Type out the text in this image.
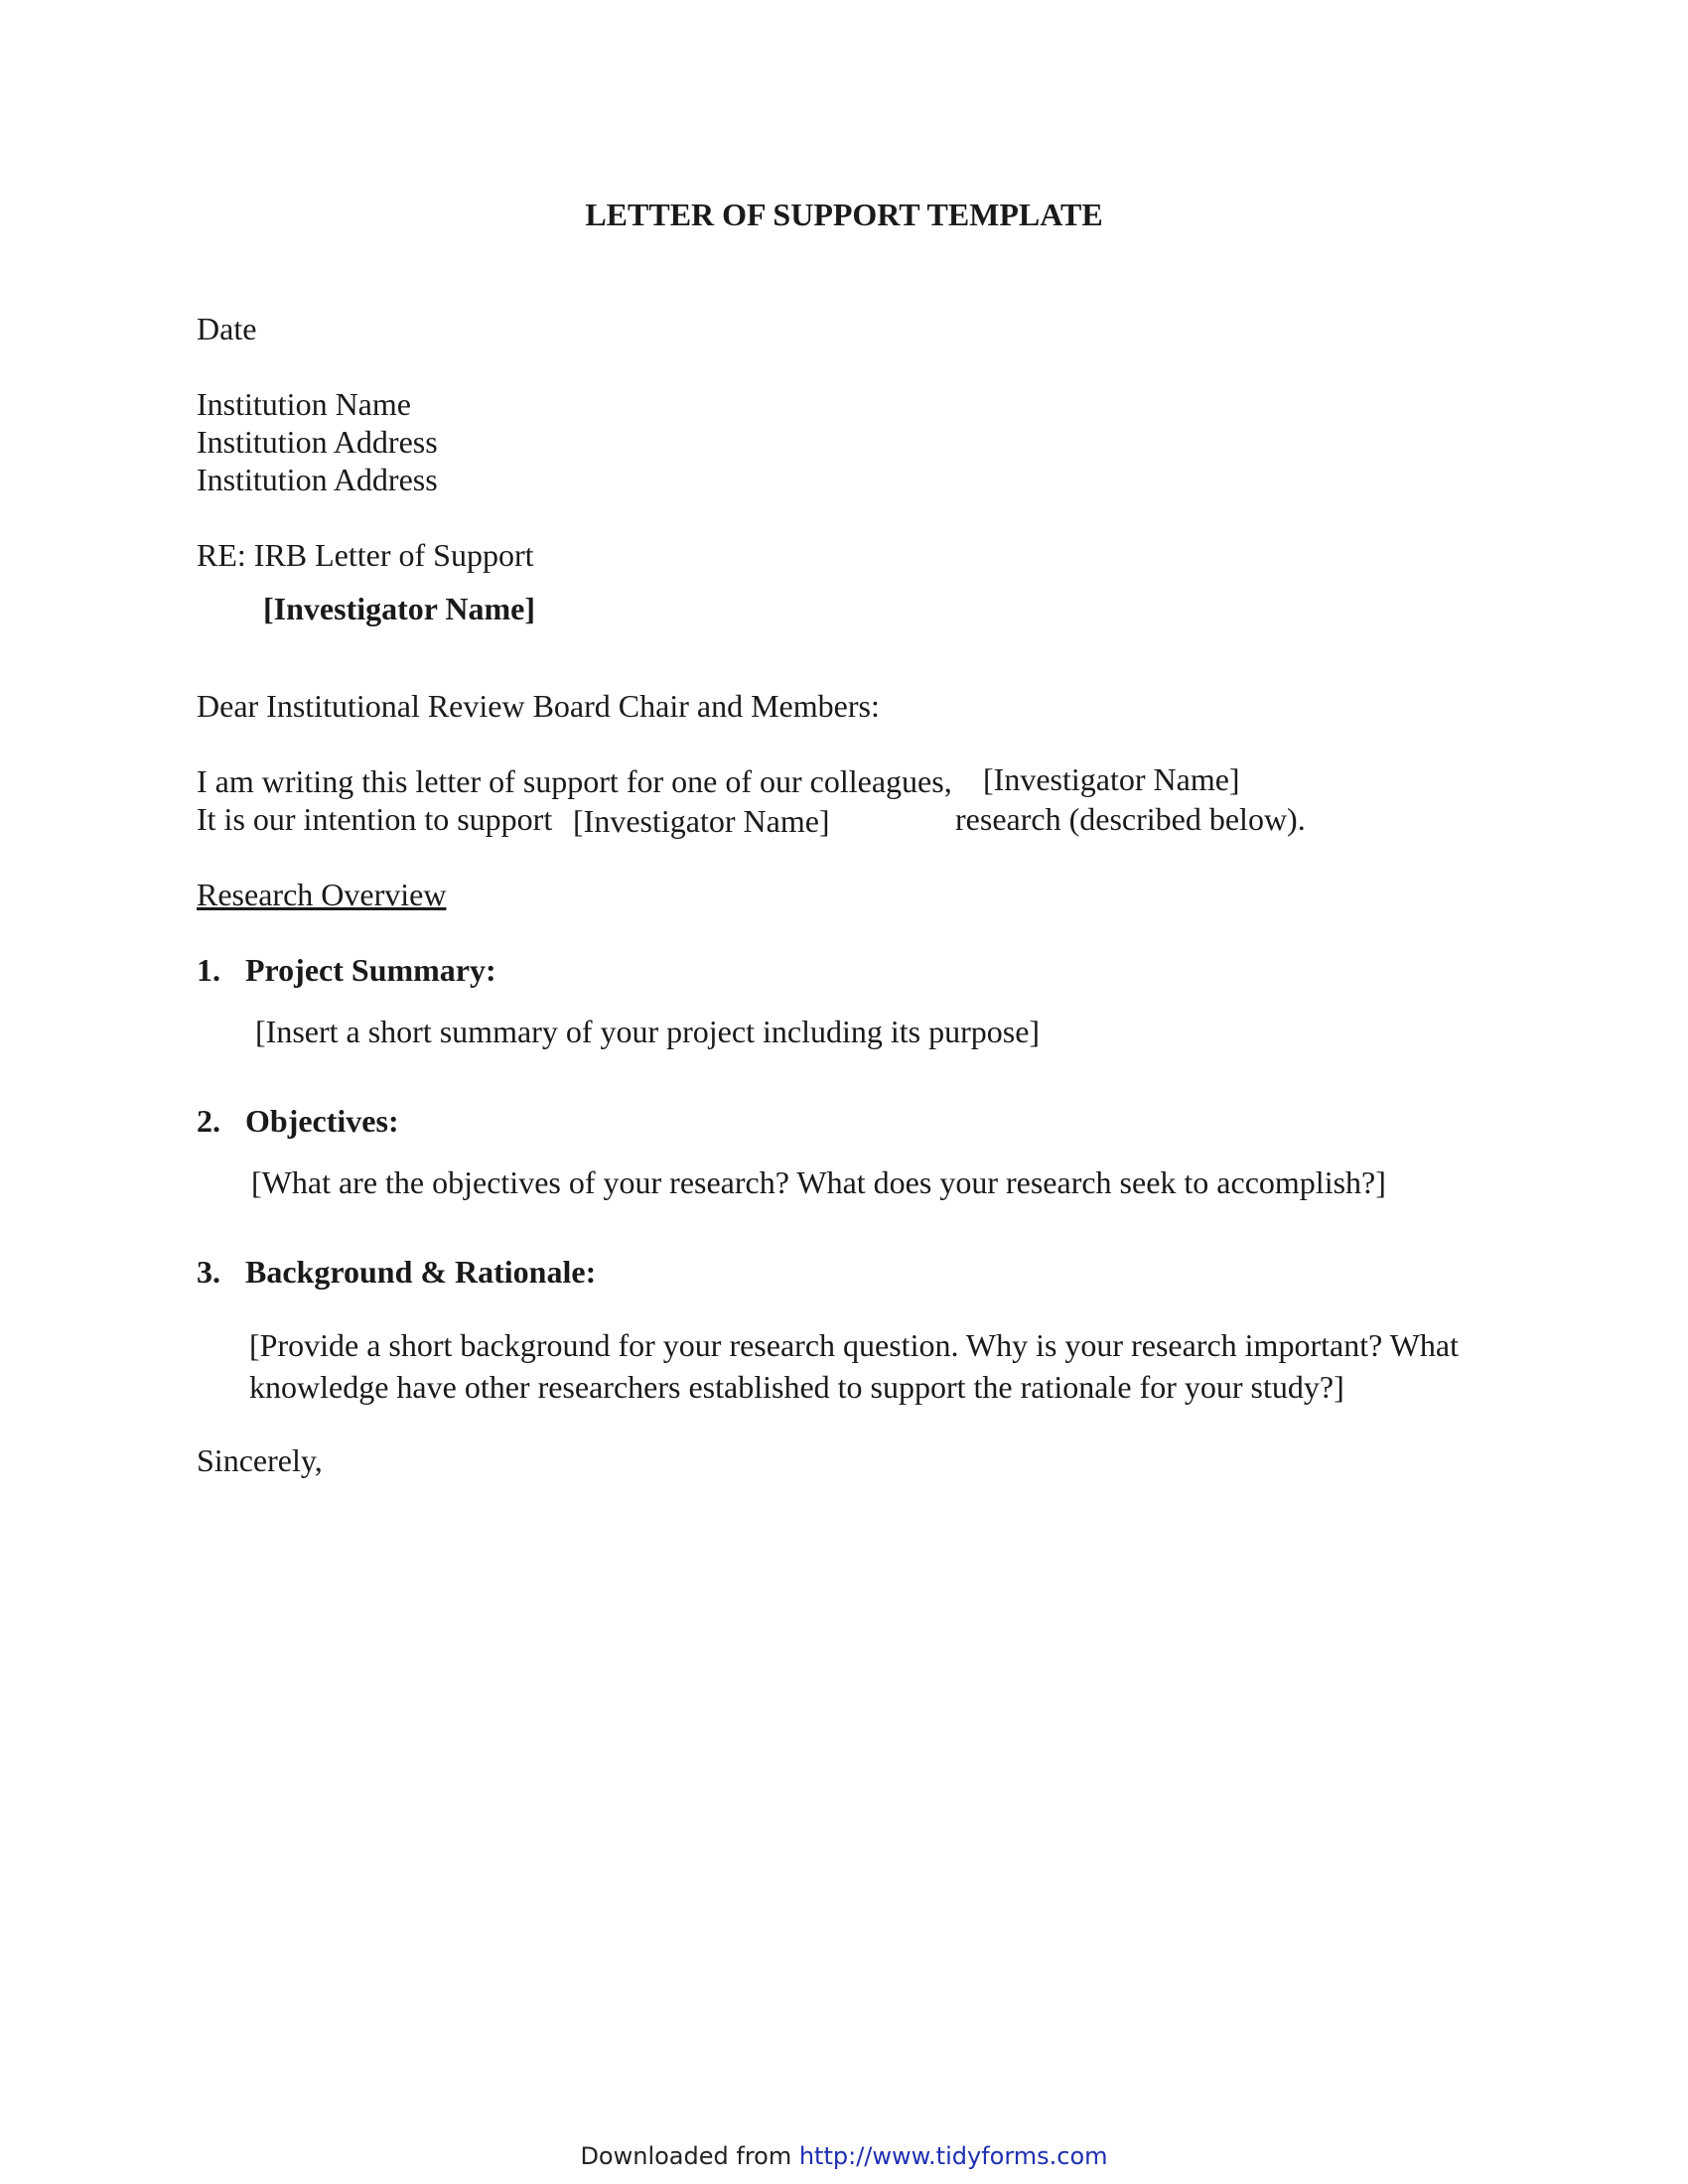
LETTER OF SUPPORT TEMPLATE
Date
Institution Name
Institution Address
Institution Address
RE: IRB Letter of Support
[Investigator Name]
Dear Institutional Review Board Chair and Members:
I am writing this letter of support for one of our colleagues, [Investigator Name]
It is our intention to support [Investigator Name]	research (described below).
Research Overview
1. Project Summary:
[Insert a short summary of your project including its purpose]
2. Objectives:
[What are the objectives of your research? What does your research seek to accomplish?]
3. Background & Rationale:
[Provide a short background for your research question. Why is your research important? What
knowledge have other researchers established to support the rationale for your study?]
Sincerely,
Downloaded from http://www.tidyforms.com
